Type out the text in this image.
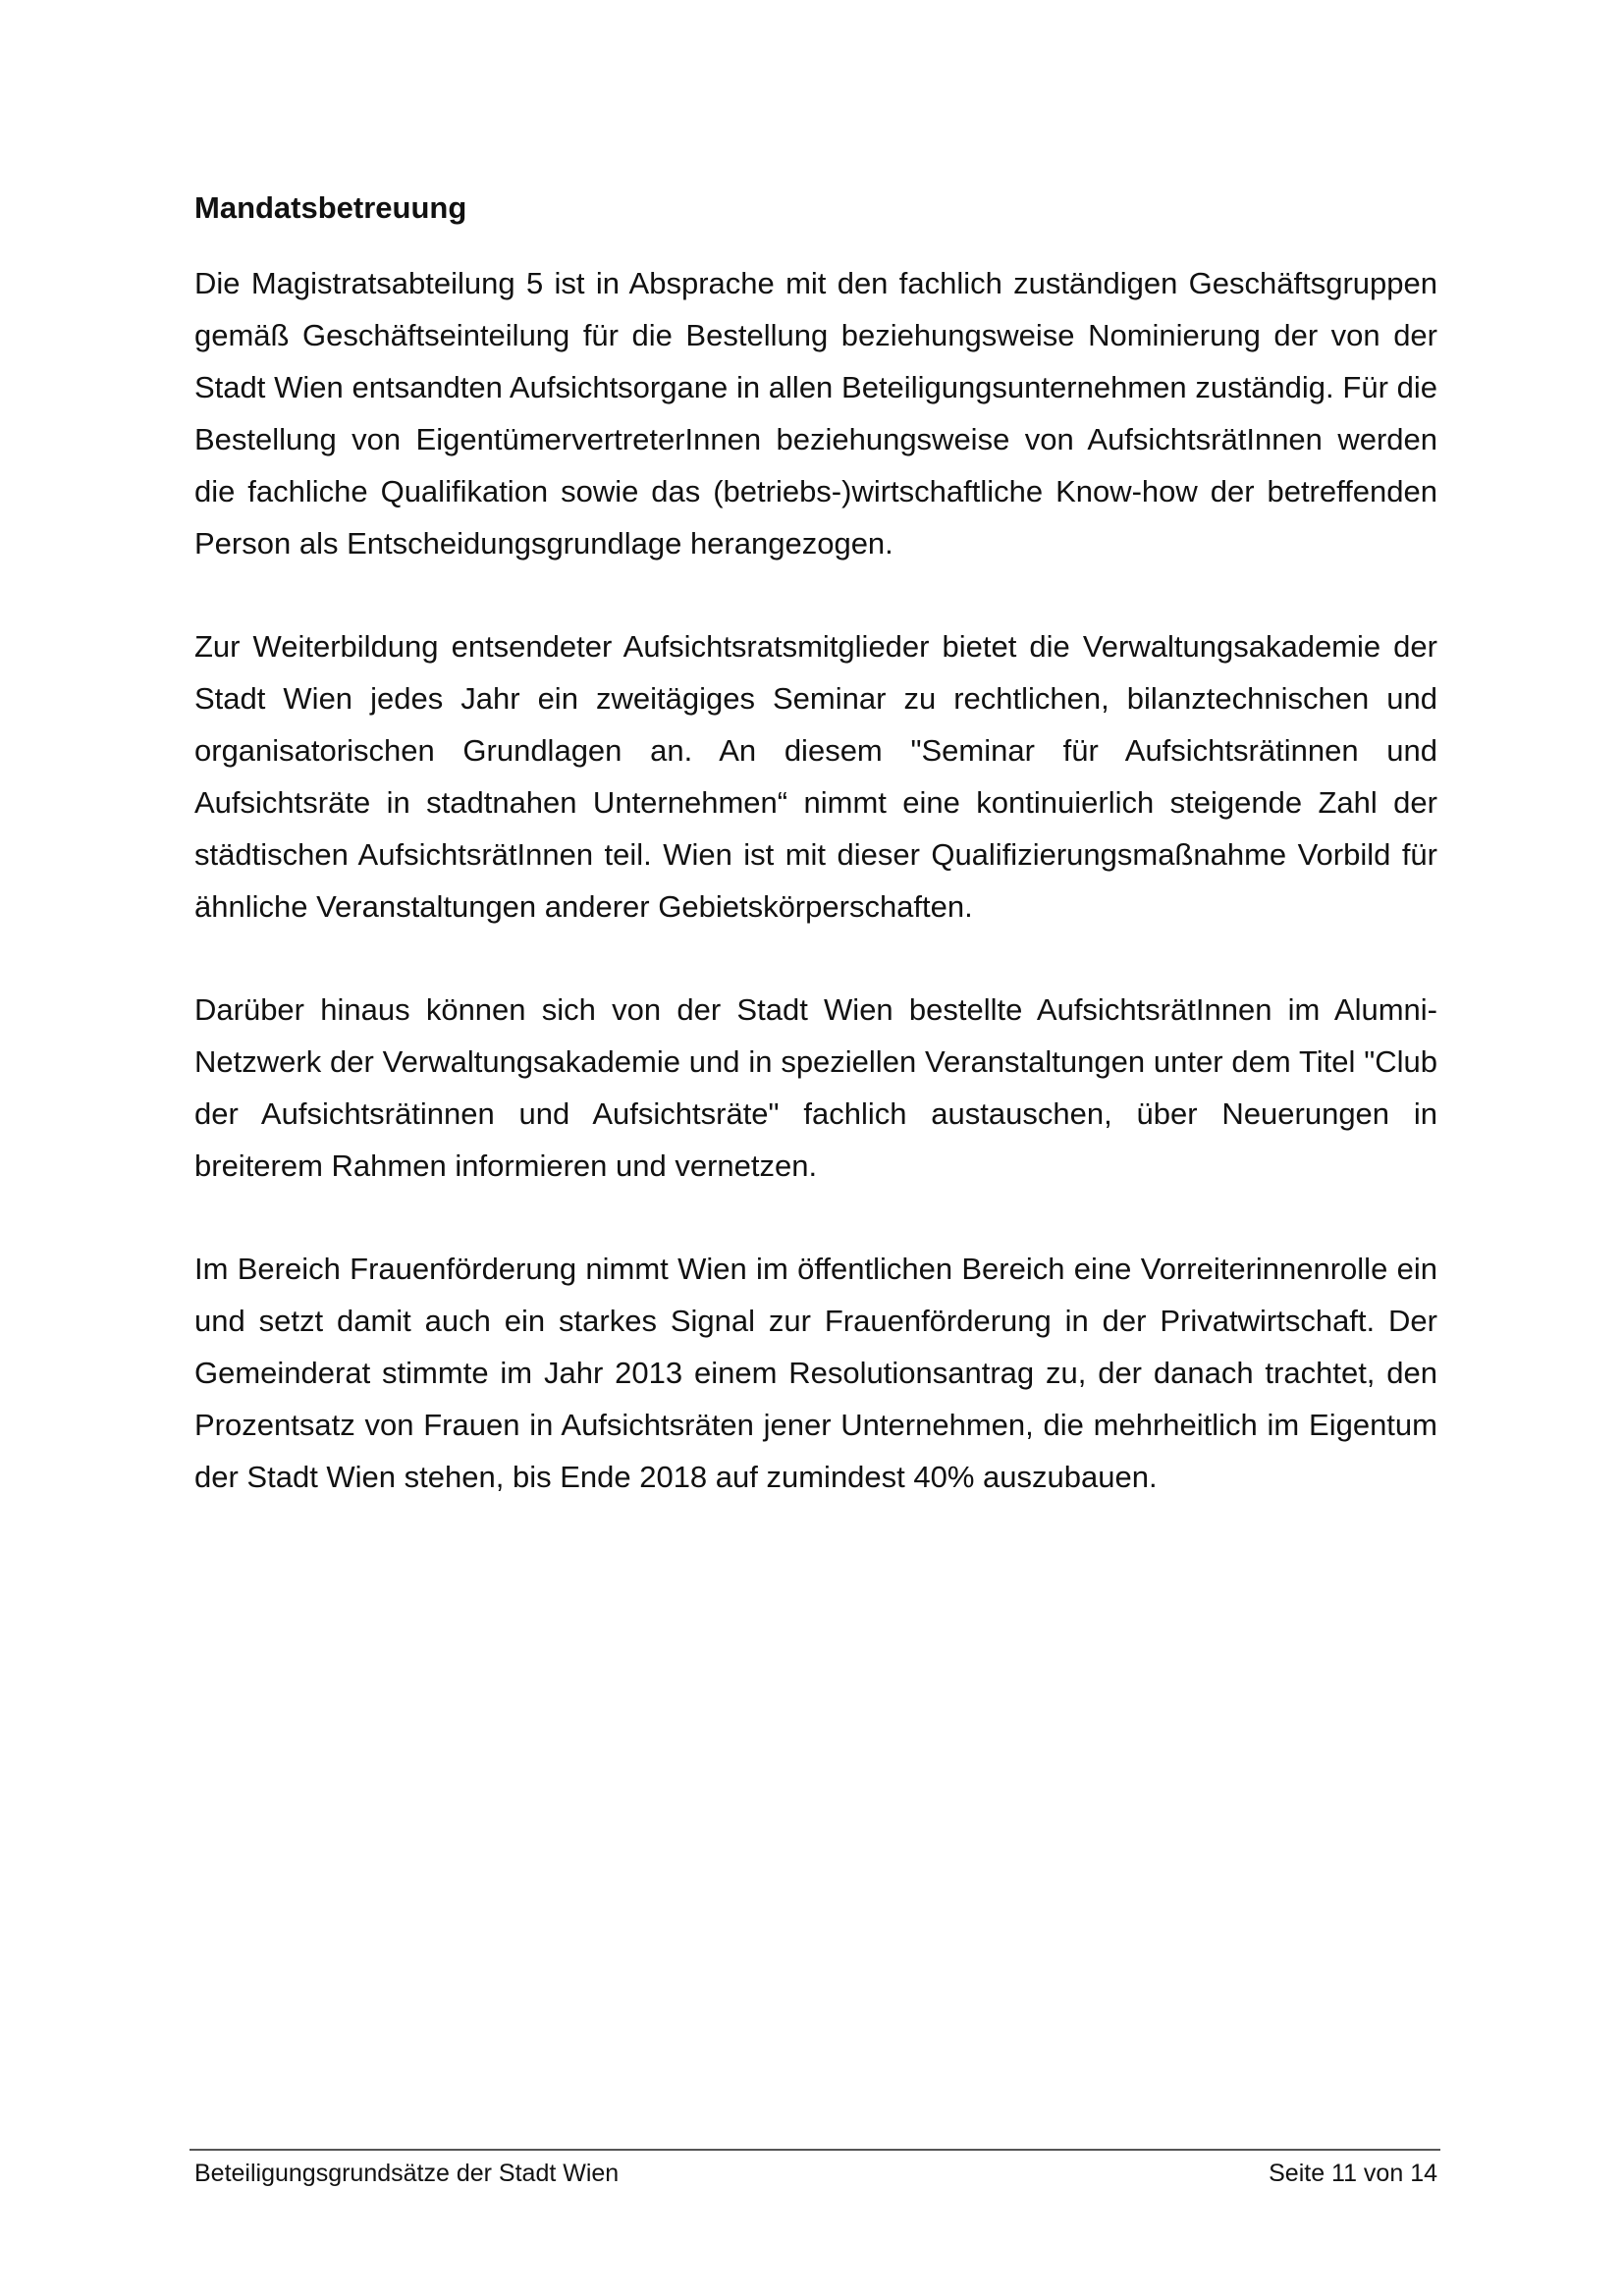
Mandatsbetreuung

Die Magistratsabteilung 5 ist in Absprache mit den fachlich zuständigen Geschäftsgruppen gemäß Geschäftseinteilung für die Bestellung beziehungsweise Nominierung der von der Stadt Wien entsandten Aufsichtsorgane in allen Beteiligungsunternehmen zuständig. Für die Bestellung von EigentümervertreterInnen beziehungsweise von AufsichtsrätInnen werden die fachliche Qualifikation sowie das (betriebs-)wirtschaftliche Know-how der betreffenden Person als Entscheidungsgrundlage herangezogen.

Zur Weiterbildung entsendeter Aufsichtsratsmitglieder bietet die Verwaltungsakademie der Stadt Wien jedes Jahr ein zweitägiges Seminar zu rechtlichen, bilanztechnischen und organisatorischen Grundlagen an. An diesem "Seminar für Aufsichtsrätinnen und Aufsichtsräte in stadtnahen Unternehmen“ nimmt eine kontinuierlich steigende Zahl der städtischen AufsichtsrätInnen teil. Wien ist mit dieser Qualifizierungsmaßnahme Vorbild für ähnliche Veranstaltungen anderer Gebietskörperschaften.

Darüber hinaus können sich von der Stadt Wien bestellte AufsichtsrätInnen im Alumni-Netzwerk der Verwaltungsakademie und in speziellen Veranstaltungen unter dem Titel "Club der Aufsichtsrätinnen und Aufsichtsräte" fachlich austauschen, über Neuerungen in breiterem Rahmen informieren und vernetzen.

Im Bereich Frauenförderung nimmt Wien im öffentlichen Bereich eine Vorreiterinnenrolle ein und setzt damit auch ein starkes Signal zur Frauenförderung in der Privatwirtschaft. Der Gemeinderat stimmte im Jahr 2013 einem Resolutionsantrag zu, der danach trachtet, den Prozentsatz von Frauen in Aufsichtsräten jener Unternehmen, die mehrheitlich im Eigentum der Stadt Wien stehen, bis Ende 2018 auf zumindest 40% auszubauen.

Beteiligungsgrundsätze der Stadt Wien	Seite 11 von 14
